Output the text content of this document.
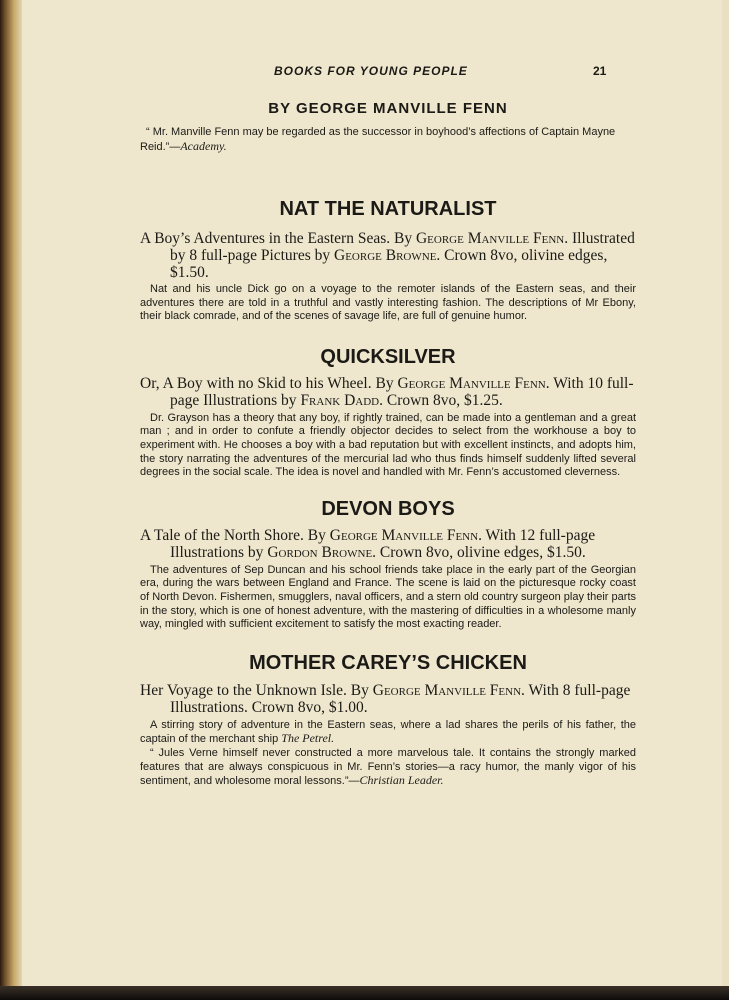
BOOKS FOR YOUNG PEOPLE	21
BY GEORGE MANVILLE FENN

“ Mr. Manville Fenn may be regarded as the successor in boyhood’s affections of Captain Mayne Reid.”—Academy.

NAT THE NATURALIST

A Boy’s Adventures in the Eastern Seas. By George Manville Fenn. Illustrated by 8 full-page Pictures by George Browne. Crown 8vo, olivine edges, $1.50.

Nat and his uncle Dick go on a voyage to the remoter islands of the Eastern seas, and their adventures there are told in a truthful and vastly interesting fashion. The descriptions of Mr Ebony, their black comrade, and of the scenes of savage life, are full of genuine humor.

QUICKSILVER

Or, A Boy with no Skid to his Wheel. By George Manville Fenn. With 10 full-page Illustrations by Frank Dadd. Crown 8vo, $1.25.

Dr. Grayson has a theory that any boy, if rightly trained, can be made into a gentleman and a great man ; and in order to confute a friendly objector decides to select from the workhouse a boy to experiment with. He chooses a boy with a bad reputation but with excellent instincts, and adopts him, the story narrating the adventures of the mercurial lad who thus finds himself suddenly lifted several degrees in the social scale. The idea is novel and handled with Mr. Fenn’s accustomed cleverness.

DEVON BOYS

A Tale of the North Shore. By George Manville Fenn. With 12 full-page Illustrations by Gordon Browne. Crown 8vo, olivine edges, $1.50.

The adventures of Sep Duncan and his school friends take place in the early part of the Georgian era, during the wars between England and France. The scene is laid on the picturesque rocky coast of North Devon. Fishermen, smugglers, naval officers, and a stern old country surgeon play their parts in the story, which is one of honest adventure, with the mastering of difficulties in a wholesome manly way, mingled with sufficient excitement to satisfy the most exacting reader.

MOTHER CAREY’S CHICKEN

Her Voyage to the Unknown Isle. By George Manville Fenn. With 8 full-page Illustrations. Crown 8vo, $1.00.

A stirring story of adventure in the Eastern seas, where a lad shares the perils of his father, the captain of the merchant ship The Petrel.

“ Jules Verne himself never constructed a more marvelous tale. It contains the strongly marked features that are always conspicuous in Mr. Fenn’s stories—a racy humor, the manly vigor of his sentiment, and wholesome moral lessons.”—Christian Leader.
